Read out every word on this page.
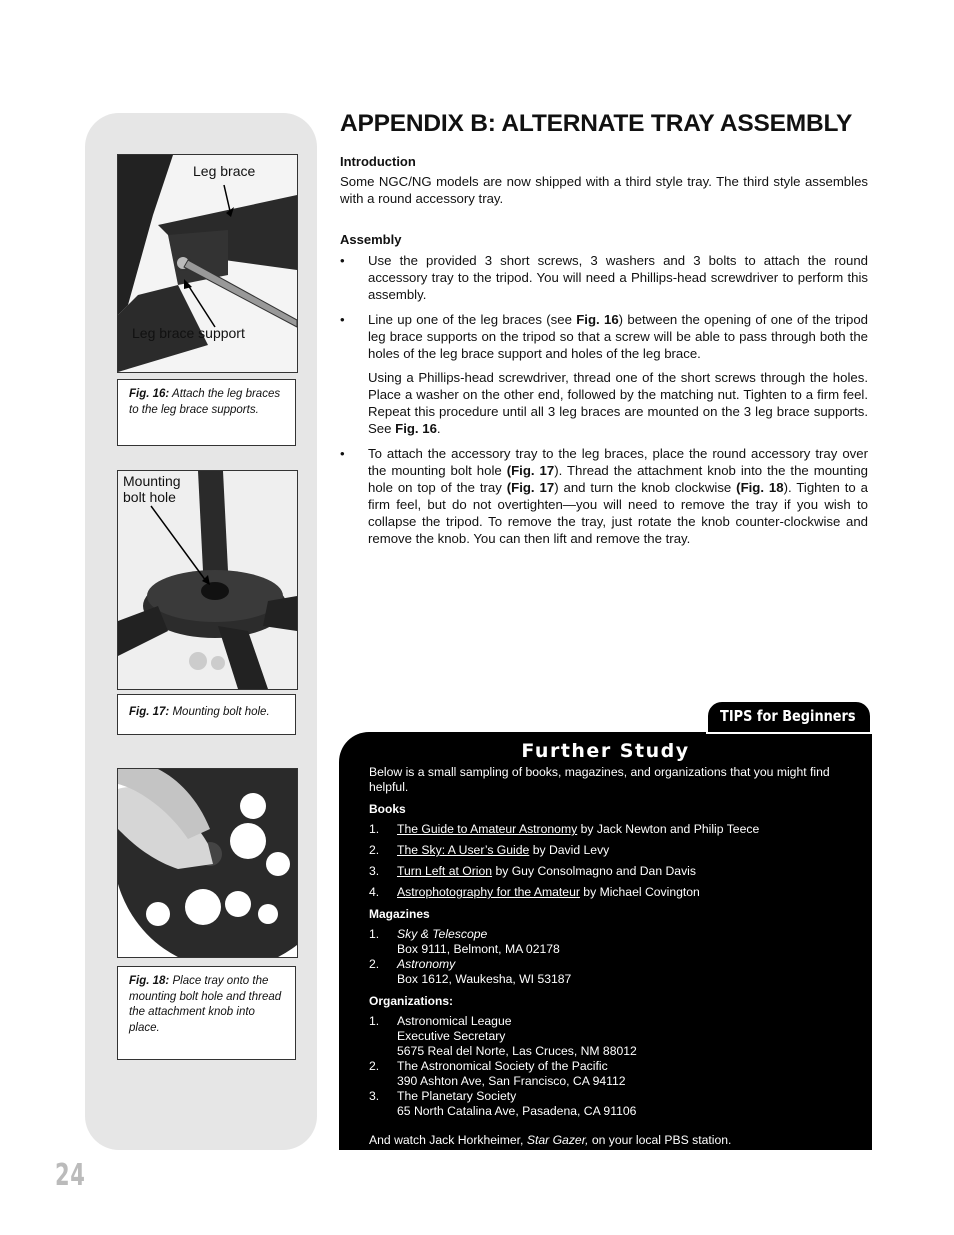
Leg brace
Leg brace support
Fig. 16: Attach the leg braces to the leg brace supports.
Mounting
bolt hole
Fig. 17: Mounting bolt hole.
Fig. 18: Place tray onto the mounting bolt hole and thread the attachment knob into place.
24
APPENDIX B: ALTERNATE TRAY ASSEMBLY
Introduction

Some NGC/NG models are now shipped with a third style tray. The third style assembles with a round accessory tray.

Assembly
• Use the provided 3 short screws, 3 washers and 3 bolts to attach the round accessory tray to the tripod. You will need a Phillips-head screwdriver to perform this assembly.

• Line up one of the leg braces (see Fig. 16) between the opening of one of the tripod leg brace supports on the tripod so that a screw will be able to pass through both the holes of the leg brace support and holes of the leg brace.

Using a Phillips-head screwdriver, thread one of the short screws through the holes. Place a washer on the other end, followed by the matching nut. Tighten to a firm feel. Repeat this procedure until all 3 leg braces are mounted on the 3 leg brace supports. See Fig. 16.

• To attach the accessory tray to the leg braces, place the round accessory tray over the mounting bolt hole (Fig. 17). Thread the attachment knob into the the mounting hole on top of the tray (Fig. 17) and turn the knob clockwise (Fig. 18). Tighten to a firm feel, but do not overtighten—you will need to remove the tray if you wish to collapse the tripod. To remove the tray, just rotate the knob counter-clockwise and remove the knob. You can then lift and remove the tray.

Further Study

Below is a small sampling of books, magazines, and organizations that you might find helpful.

Books
1. The Guide to Amateur Astronomy by Jack Newton and Philip Teece
2. The Sky: A User’s Guide by David Levy
3. Turn Left at Orion by Guy Consolmagno and Dan Davis
4. Astrophotography for the Amateur by Michael Covington
Magazines
1. Sky & Telescope
Box 9111, Belmont, MA 02178
2. Astronomy
Box 1612, Waukesha, WI 53187
Organizations:
1. Astronomical League
Executive Secretary
5675 Real del Norte, Las Cruces, NM 88012
2. The Astronomical Society of the Pacific
390 Ashton Ave, San Francisco, CA 94112
3. The Planetary Society
65 North Catalina Ave, Pasadena, CA 91106

And watch Jack Horkheimer, Star Gazer, on your local PBS station.

TIPS for Beginners
